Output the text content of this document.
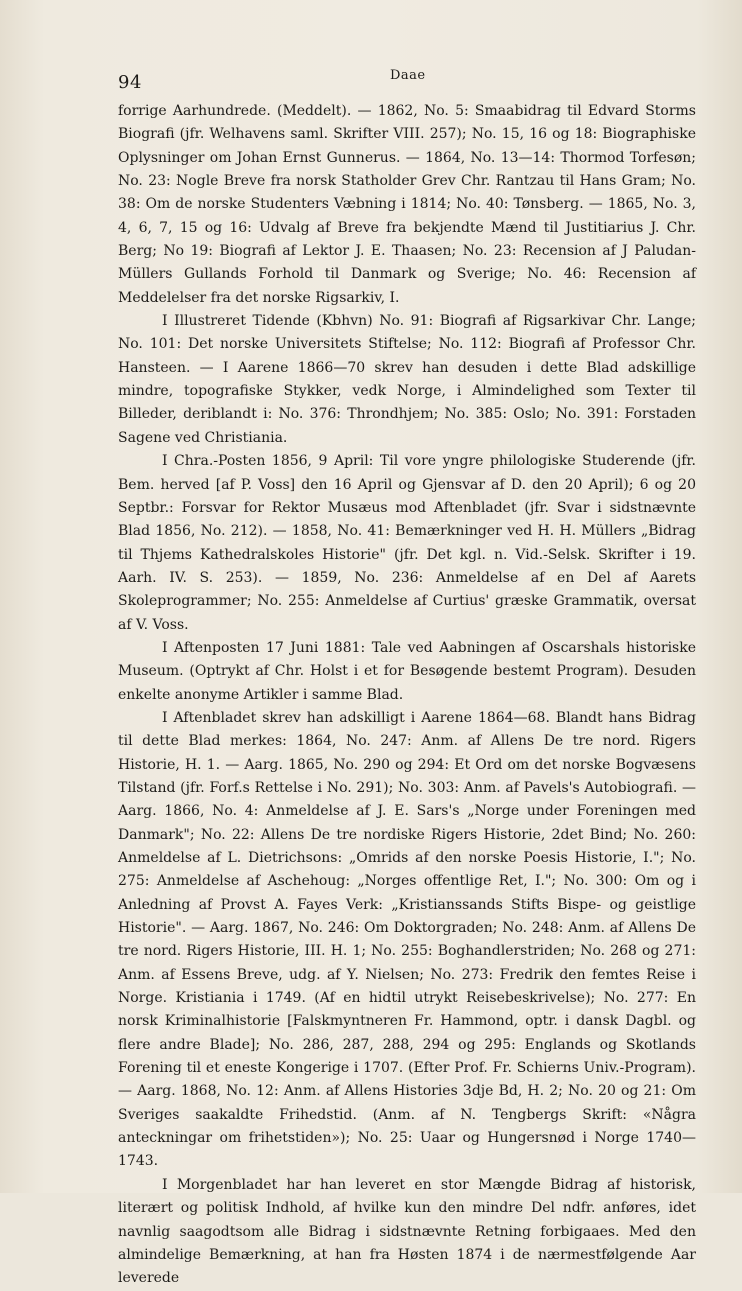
94	Daae

forrige Aarhundrede. (Meddelt). — 1862, No. 5: Smaabidrag til Edvard Storms Biografi (jfr. Welhavens saml. Skrifter VIII. 257); No. 15, 16 og 18: Biographiske Oplysninger om Johan Ernst Gunnerus. — 1864, No. 13—14: Thormod Torfesøn; No. 23: Nogle Breve fra norsk Statholder Grev Chr. Rantzau til Hans Gram; No. 38: Om de norske Studenters Væbning i 1814; No. 40: Tønsberg. — 1865, No. 3, 4, 6, 7, 15 og 16: Udvalg af Breve fra bekjendte Mænd til Justitiarius J. Chr. Berg; No 19: Biografi af Lektor J. E. Thaasen; No. 23: Recension af J Paludan-Müllers Gullands Forhold til Danmark og Sverige; No. 46: Recension af Meddelelser fra det norske Rigsarkiv, I.

I Illustreret Tidende (Kbhvn) No. 91: Biografi af Rigsarkivar Chr. Lange; No. 101: Det norske Universitets Stiftelse; No. 112: Biografi af Professor Chr. Hansteen. — I Aarene 1866—70 skrev han desuden i dette Blad adskillige mindre, topografiske Stykker, vedk Norge, i Almindelighed som Texter til Billeder, deriblandt i: No. 376: Throndhjem; No. 385: Oslo; No. 391: Forstaden Sagene ved Christiania.

I Chra.-Posten 1856, 9 April: Til vore yngre philologiske Studerende (jfr. Bem. herved [af P. Voss] den 16 April og Gjensvar af D. den 20 April); 6 og 20 Septbr.: Forsvar for Rektor Musæus mod Aftenbladet (jfr. Svar i sidstnævnte Blad 1856, No. 212). — 1858, No. 41: Bemærkninger ved H. H. Müllers „Bidrag til Thjems Kathedralskoles Historie" (jfr. Det kgl. n. Vid.-Selsk. Skrifter i 19. Aarh. IV. S. 253). — 1859, No. 236: Anmeldelse af en Del af Aarets Skoleprogrammer; No. 255: Anmeldelse af Curtius' græske Grammatik, oversat af V. Voss.

I Aftenposten 17 Juni 1881: Tale ved Aabningen af Oscarshals historiske Museum. (Optrykt af Chr. Holst i et for Besøgende bestemt Program). Desuden enkelte anonyme Artikler i samme Blad.

I Aftenbladet skrev han adskilligt i Aarene 1864—68. Blandt hans Bidrag til dette Blad merkes: 1864, No. 247: Anm. af Allens De tre nord. Rigers Historie, H. 1. — Aarg. 1865, No. 290 og 294: Et Ord om det norske Bogvæsens Tilstand (jfr. Forf.s Rettelse i No. 291); No. 303: Anm. af Pavels's Autobiografi. — Aarg. 1866, No. 4: Anmeldelse af J. E. Sars's „Norge under Foreningen med Danmark"; No. 22: Allens De tre nordiske Rigers Historie, 2det Bind; No. 260: Anmeldelse af L. Dietrichsons: „Omrids af den norske Poesis Historie, I."; No. 275: Anmeldelse af Aschehoug: „Norges offentlige Ret, I."; No. 300: Om og i Anledning af Provst A. Fayes Verk: „Kristianssands Stifts Bispe- og geistlige Historie". — Aarg. 1867, No. 246: Om Doktorgraden; No. 248: Anm. af Allens De tre nord. Rigers Historie, III. H. 1; No. 255: Boghandlerstriden; No. 268 og 271: Anm. af Essens Breve, udg. af Y. Nielsen; No. 273: Fredrik den femtes Reise i Norge. Kristiania i 1749. (Af en hidtil utrykt Reisebeskrivelse); No. 277: En norsk Kriminalhistorie [Falskmyntneren Fr. Hammond, optr. i dansk Dagbl. og flere andre Blade]; No. 286, 287, 288, 294 og 295: Englands og Skotlands Forening til et eneste Kongerige i 1707. (Efter Prof. Fr. Schierns Univ.-Program). — Aarg. 1868, No. 12: Anm. af Allens Histories 3dje Bd, H. 2; No. 20 og 21: Om Sveriges saakaldte Frihedstid. (Anm. af N. Tengbergs Skrift: «Några anteckningar om frihetstiden»); No. 25: Uaar og Hungersnød i Norge 1740—1743.

I Morgenbladet har han leveret en stor Mængde Bidrag af historisk, literært og politisk Indhold, af hvilke kun den mindre Del ndfr. anføres, idet navnlig saagodtsom alle Bidrag i sidstnævnte Retning forbigaaes. Med den almindelige Bemærkning, at han fra Høsten 1874 i de nærmestfølgende Aar leverede
